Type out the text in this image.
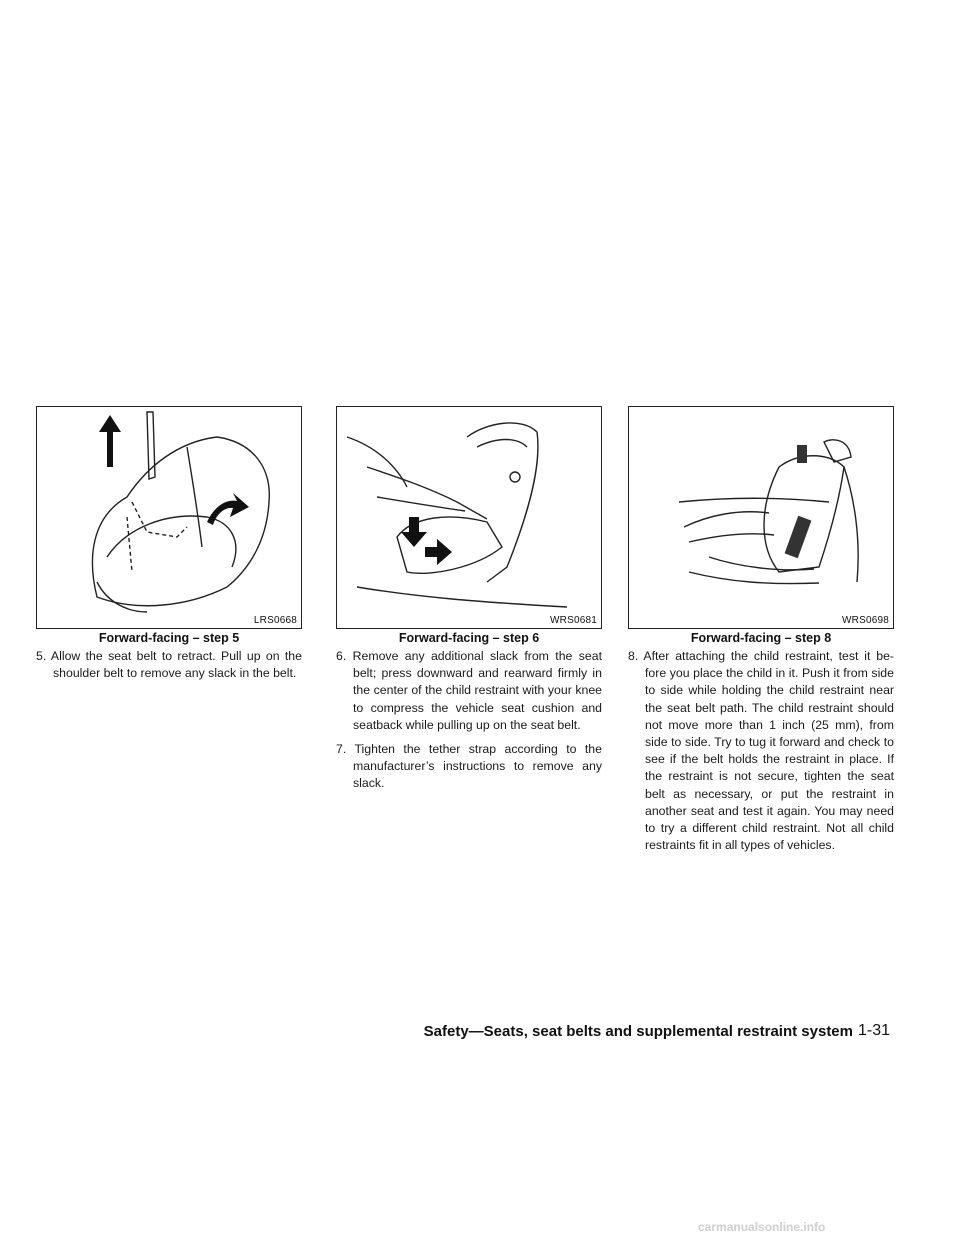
LRS0668
Forward-facing – step 5
WRS0681
Forward-facing – step 6
WRS0698
Forward-facing – step 8

5. Allow the seat belt to retract. Pull up on the shoulder belt to remove any slack in the belt.

6. Remove any additional slack from the seat belt; press downward and rearward firmly in the center of the child restraint with your knee to compress the vehicle seat cushion and seatback while pulling up on the seat belt.

7. Tighten the tether strap according to the manufacturer’s instructions to remove any slack.

8. After attaching the child restraint, test it be-fore you place the child in it. Push it from side to side while holding the child restraint near the seat belt path. The child restraint should not move more than 1 inch (25 mm), from side to side. Try to tug it forward and check to see if the belt holds the restraint in place. If the restraint is not secure, tighten the seat belt as necessary, or put the restraint in another seat and test it again. You may need to try a different child restraint. Not all child restraints fit in all types of vehicles.

Safety—Seats, seat belts and supplemental restraint system 1-31
carmanualsonline.info
